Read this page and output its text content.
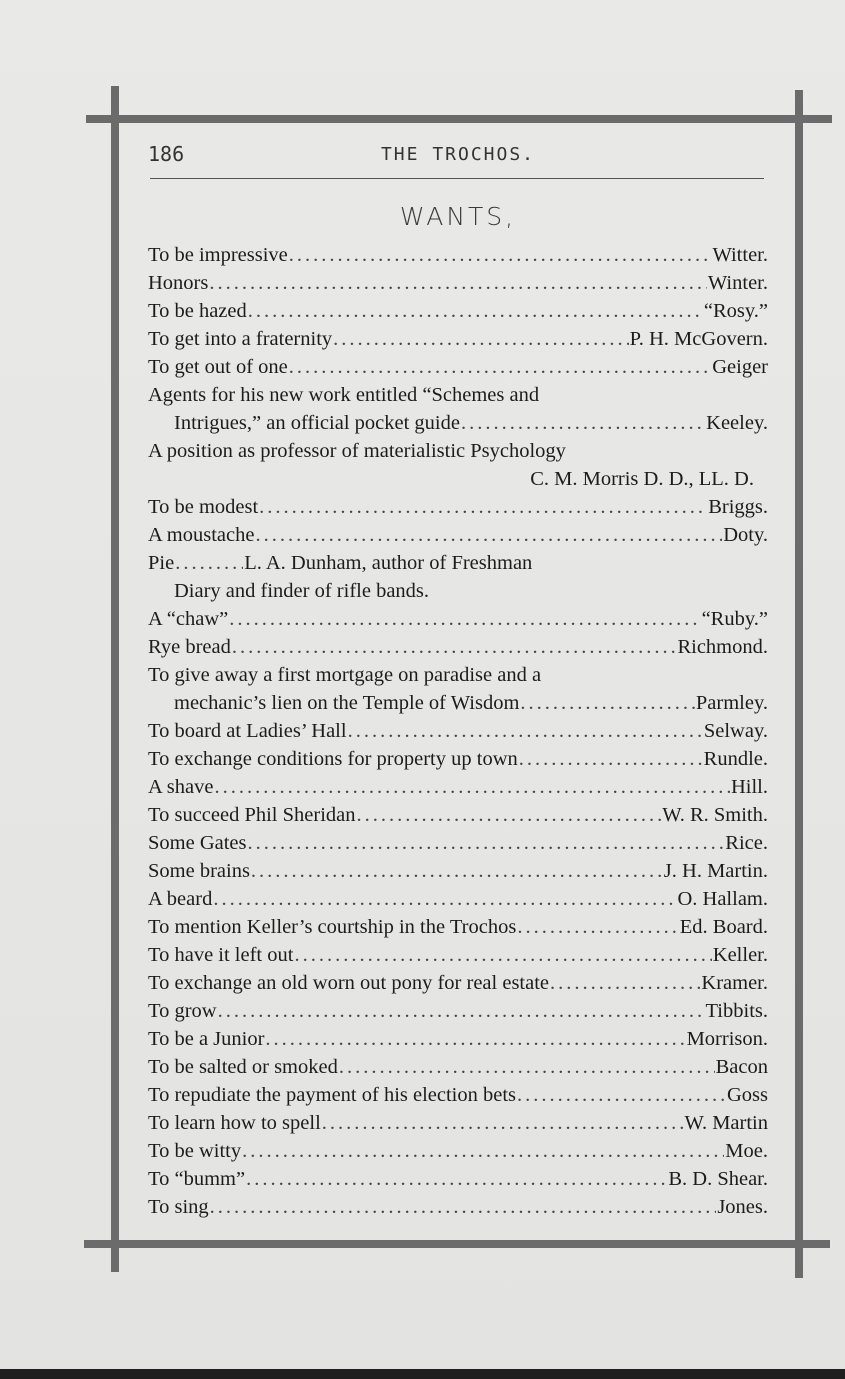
186	THE TROCHOS.
WANTS,
To be impressive .....	Witter.
Honors .....	Winter.
To be hazed .....	“Rosy.”
To get into a fraternity .....	P. H. McGovern.
To get out of one .....	Geiger
Agents for his new work entitled “Schemes and
Intrigues,” an official pocket guide .....	Keeley.
A position as professor of materialistic Psychology
C. M. Morris D. D., LL. D.
To be modest .....	Briggs.
A moustache .....	Doty.
Pie .....	L. A. Dunham, author of Freshman
Diary and finder of rifle bands.
A “chaw” .....	“Ruby.”
Rye bread .....	Richmond.
To give away a first mortgage on paradise and a
mechanic’s lien on the Temple of Wisdom .....	Parmley.
To board at Ladies’ Hall .....	Selway.
To exchange conditions for property up town .....	Rundle.
A shave .....	Hill.
To succeed Phil Sheridan .....	W. R. Smith.
Some Gates .....	Rice.
Some brains .....	J. H. Martin.
A beard .....	O. Hallam.
To mention Keller’s courtship in the Trochos .....	Ed. Board.
To have it left out .....	Keller.
To exchange an old worn out pony for real estate .....	Kramer.
To grow .....	Tibbits.
To be a Junior .....	Morrison.
To be salted or smoked .....	Bacon
To repudiate the payment of his election bets .....	Goss
To learn how to spell .....	W. Martin
To be witty .....	Moe.
To “bumm” .....	B. D. Shear.
To sing .....	Jones.
